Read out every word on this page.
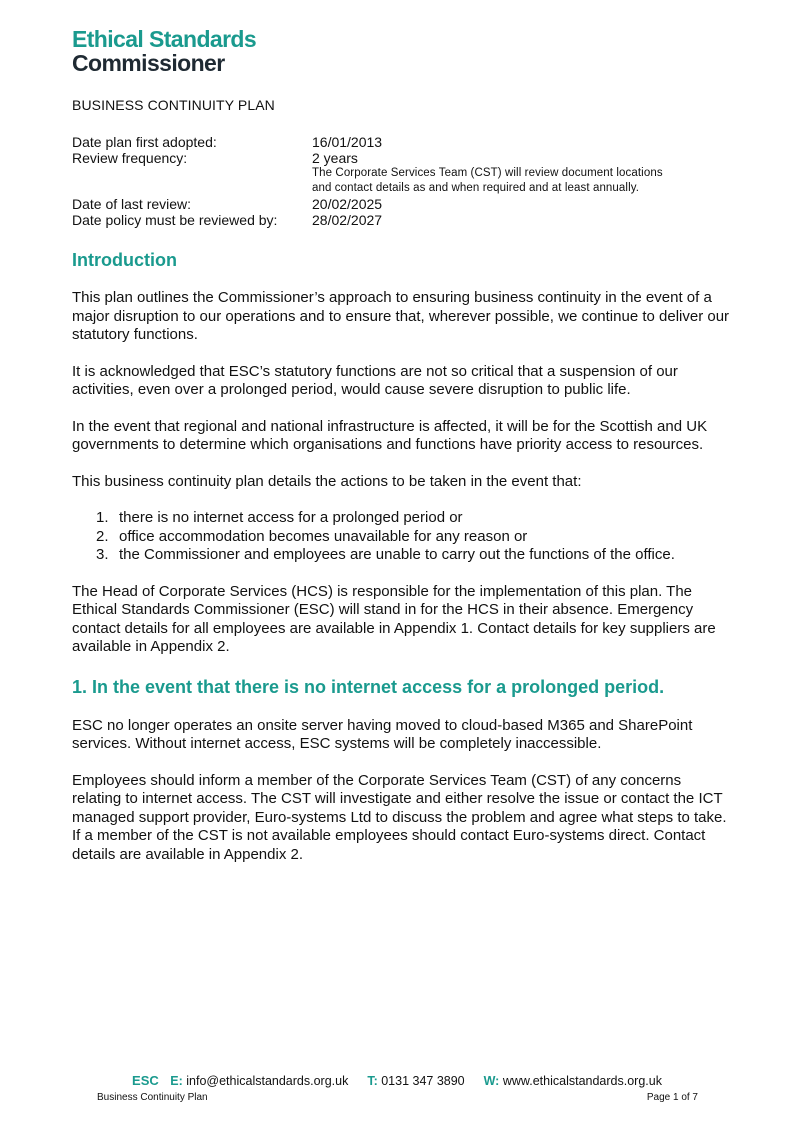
Ethical Standards
Commissioner
BUSINESS CONTINUITY PLAN
Date plan first adopted:	16/01/2013
Review frequency:	2 years
The Corporate Services Team (CST) will review document locations
and contact details as and when required and at least annually.
Date of last review:	20/02/2025
Date policy must be reviewed by:	28/02/2027
Introduction

This plan outlines the Commissioner’s approach to ensuring business continuity in the event of a major disruption to our operations and to ensure that, wherever possible, we continue to deliver our statutory functions.

It is acknowledged that ESC’s statutory functions are not so critical that a suspension of our activities, even over a prolonged period, would cause severe disruption to public life.

In the event that regional and national infrastructure is affected, it will be for the Scottish and UK governments to determine which organisations and functions have priority access to resources.

This business continuity plan details the actions to be taken in the event that:

1. there is no internet access for a prolonged period or
2. office accommodation becomes unavailable for any reason or
3. the Commissioner and employees are unable to carry out the functions of the office.

The Head of Corporate Services (HCS) is responsible for the implementation of this plan. The Ethical Standards Commissioner (ESC) will stand in for the HCS in their absence. Emergency contact details for all employees are available in Appendix 1. Contact details for key suppliers are available in Appendix 2.

1. In the event that there is no internet access for a prolonged period.

ESC no longer operates an onsite server having moved to cloud-based M365 and SharePoint services. Without internet access, ESC systems will be completely inaccessible.

Employees should inform a member of the Corporate Services Team (CST) of any concerns relating to internet access. The CST will investigate and either resolve the issue or contact the ICT managed support provider, Euro-systems Ltd to discuss the problem and agree what steps to take. If a member of the CST is not available employees should contact Euro-systems direct. Contact details are available in Appendix 2.

ESC E: info@ethicalstandards.org.uk T: 0131 347 3890 W: www.ethicalstandards.org.uk
Business Continuity Plan	Page 1 of 7
